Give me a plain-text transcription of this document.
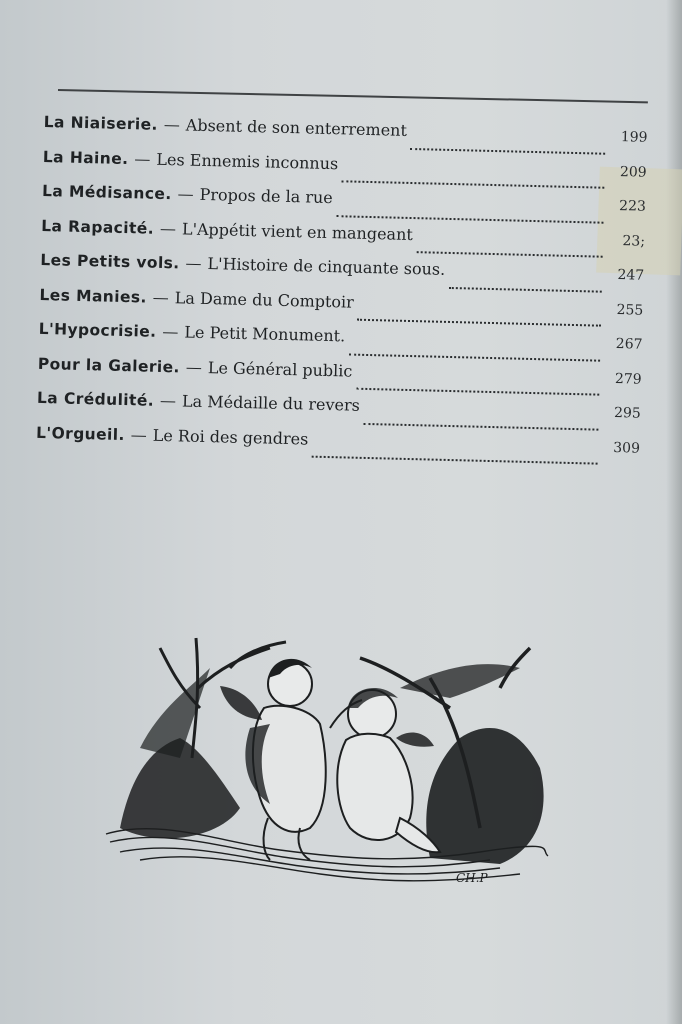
La Niaiserie. — Absent de son enterrement	199
La Haine. — Les Ennemis inconnus	209
La Médisance. — Propos de la rue	223
La Rapacité. — L'Appétit vient en mangeant	23;
Les Petits vols. — L'Histoire de cinquante sous.	247
Les Manies. — La Dame du Comptoir	255
L'Hypocrisie. — Le Petit Monument.	267
Pour la Galerie. — Le Général public	279
La Crédulité. — La Médaille du revers	295
L'Orgueil. — Le Roi des gendres	309
CH.P
